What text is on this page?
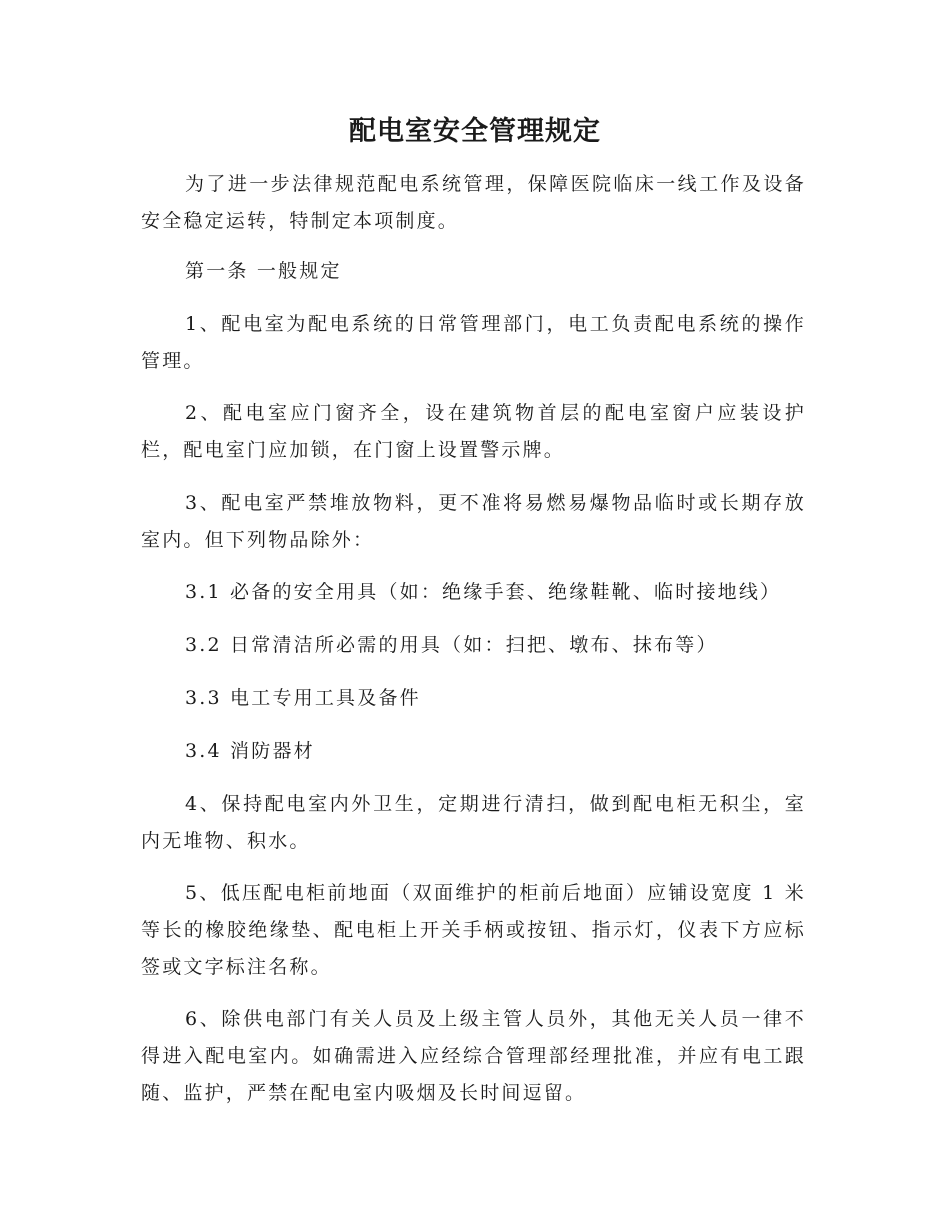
配电室安全管理规定

为了进一步法律规范配电系统管理，保障医院临床一线工作及设备安全稳定运转，特制定本项制度。

第一条 一般规定

1、配电室为配电系统的日常管理部门，电工负责配电系统的操作管理。

2、配电室应门窗齐全，设在建筑物首层的配电室窗户应装设护栏，配电室门应加锁，在门窗上设置警示牌。

3、配电室严禁堆放物料，更不准将易燃易爆物品临时或长期存放室内。但下列物品除外：

3.1 必备的安全用具（如：绝缘手套、绝缘鞋靴、临时接地线）

3.2 日常清洁所必需的用具（如：扫把、墩布、抹布等）

3.3 电工专用工具及备件

3.4 消防器材

4、保持配电室内外卫生，定期进行清扫，做到配电柜无积尘，室内无堆物、积水。

5、低压配电柜前地面（双面维护的柜前后地面）应铺设宽度 1 米等长的橡胶绝缘垫、配电柜上开关手柄或按钮、指示灯，仪表下方应标签或文字标注名称。

6、除供电部门有关人员及上级主管人员外，其他无关人员一律不得进入配电室内。如确需进入应经综合管理部经理批准，并应有电工跟随、监护，严禁在配电室内吸烟及长时间逗留。
